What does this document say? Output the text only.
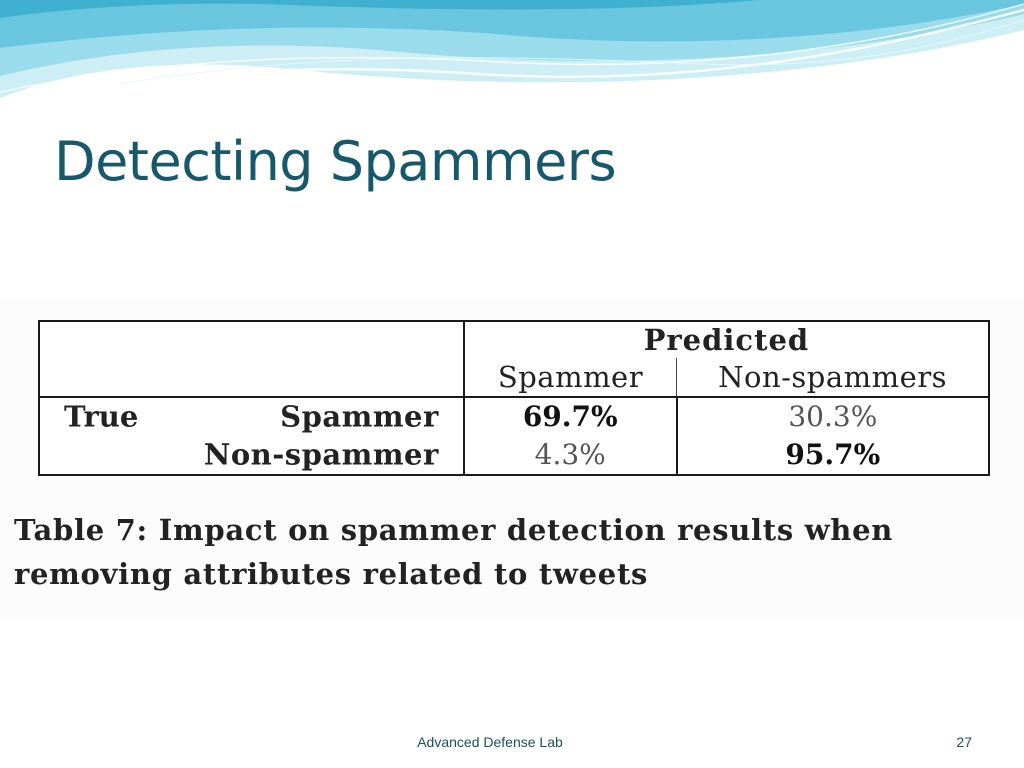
Detecting Spammers
	Predicted	
	Spammer	Non-spammers

True Spammer	69.7%	30.3%

Non-spammer	4.3%	95.7%

Table 7: Impact on spammer detection results when removing attributes related to tweets

Advanced Defense Lab	27
